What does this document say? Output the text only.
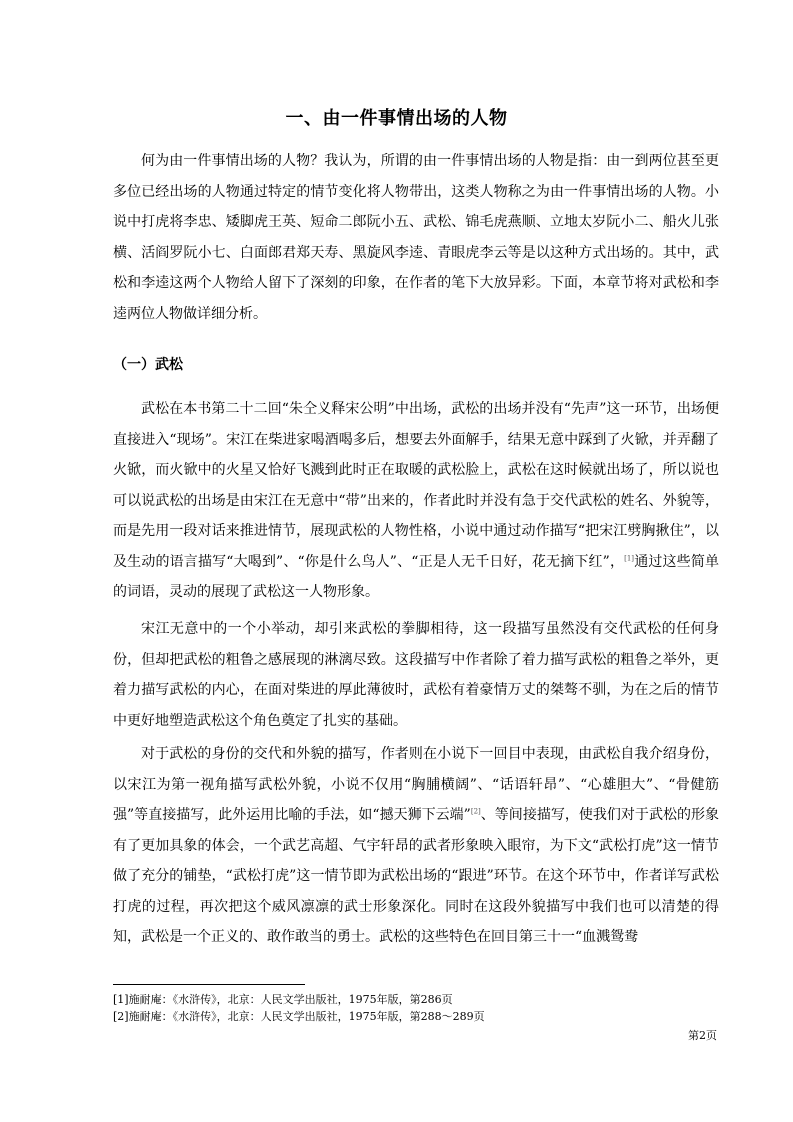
一、由一件事情出场的人物

何为由一件事情出场的人物？我认为，所谓的由一件事情出场的人物是指：由一到两位甚至更多位已经出场的人物通过特定的情节变化将人物带出，这类人物称之为由一件事情出场的人物。小说中打虎将李忠、矮脚虎王英、短命二郎阮小五、武松、锦毛虎燕顺、立地太岁阮小二、船火儿张横、活阎罗阮小七、白面郎君郑天寿、黑旋风李逵、青眼虎李云等是以这种方式出场的。其中，武松和李逵这两个人物给人留下了深刻的印象，在作者的笔下大放异彩。下面，本章节将对武松和李逵两位人物做详细分析。

（一）武松

武松在本书第二十二回“朱仝义释宋公明”中出场，武松的出场并没有“先声”这一环节，出场便直接进入“现场”。宋江在柴进家喝酒喝多后，想要去外面解手，结果无意中踩到了火锨，并弄翻了火锨，而火锨中的火星又恰好飞溅到此时正在取暖的武松脸上，武松在这时候就出场了，所以说也可以说武松的出场是由宋江在无意中“带”出来的，作者此时并没有急于交代武松的姓名、外貌等，而是先用一段对话来推进情节，展现武松的人物性格，小说中通过动作描写“把宋江劈胸揪住”，以及生动的语言描写“大喝到”、“你是什么鸟人”、“正是人无千日好，花无摘下红”，[1]通过这些简单的词语，灵动的展现了武松这一人物形象。

宋江无意中的一个小举动，却引来武松的拳脚相待，这一段描写虽然没有交代武松的任何身份，但却把武松的粗鲁之感展现的淋漓尽致。这段描写中作者除了着力描写武松的粗鲁之举外，更着力描写武松的内心，在面对柴进的厚此薄彼时，武松有着豪情万丈的桀骜不驯，为在之后的情节中更好地塑造武松这个角色奠定了扎实的基础。

对于武松的身份的交代和外貌的描写，作者则在小说下一回目中表现，由武松自我介绍身份，以宋江为第一视角描写武松外貌，小说不仅用“胸脯横阔”、“话语轩昂”、“心雄胆大”、“骨健筋强”等直接描写，此外运用比喻的手法，如“撼天狮下云端”[2]、等间接描写，使我们对于武松的形象有了更加具象的体会，一个武艺高超、气宇轩昂的武者形象映入眼帘，为下文“武松打虎”这一情节做了充分的铺垫，“武松打虎”这一情节即为武松出场的“跟进”环节。在这个环节中，作者详写武松打虎的过程，再次把这个威风凛凛的武士形象深化。同时在这段外貌描写中我们也可以清楚的得知，武松是一个正义的、敢作敢当的勇士。武松的这些特色在回目第三十一“血溅鸳鸯

[1]施耐庵：《水浒传》，北京：人民文学出版社，1975年版，第286页
[2]施耐庵：《水浒传》，北京：人民文学出版社，1975年版，第288～289页
第2页
